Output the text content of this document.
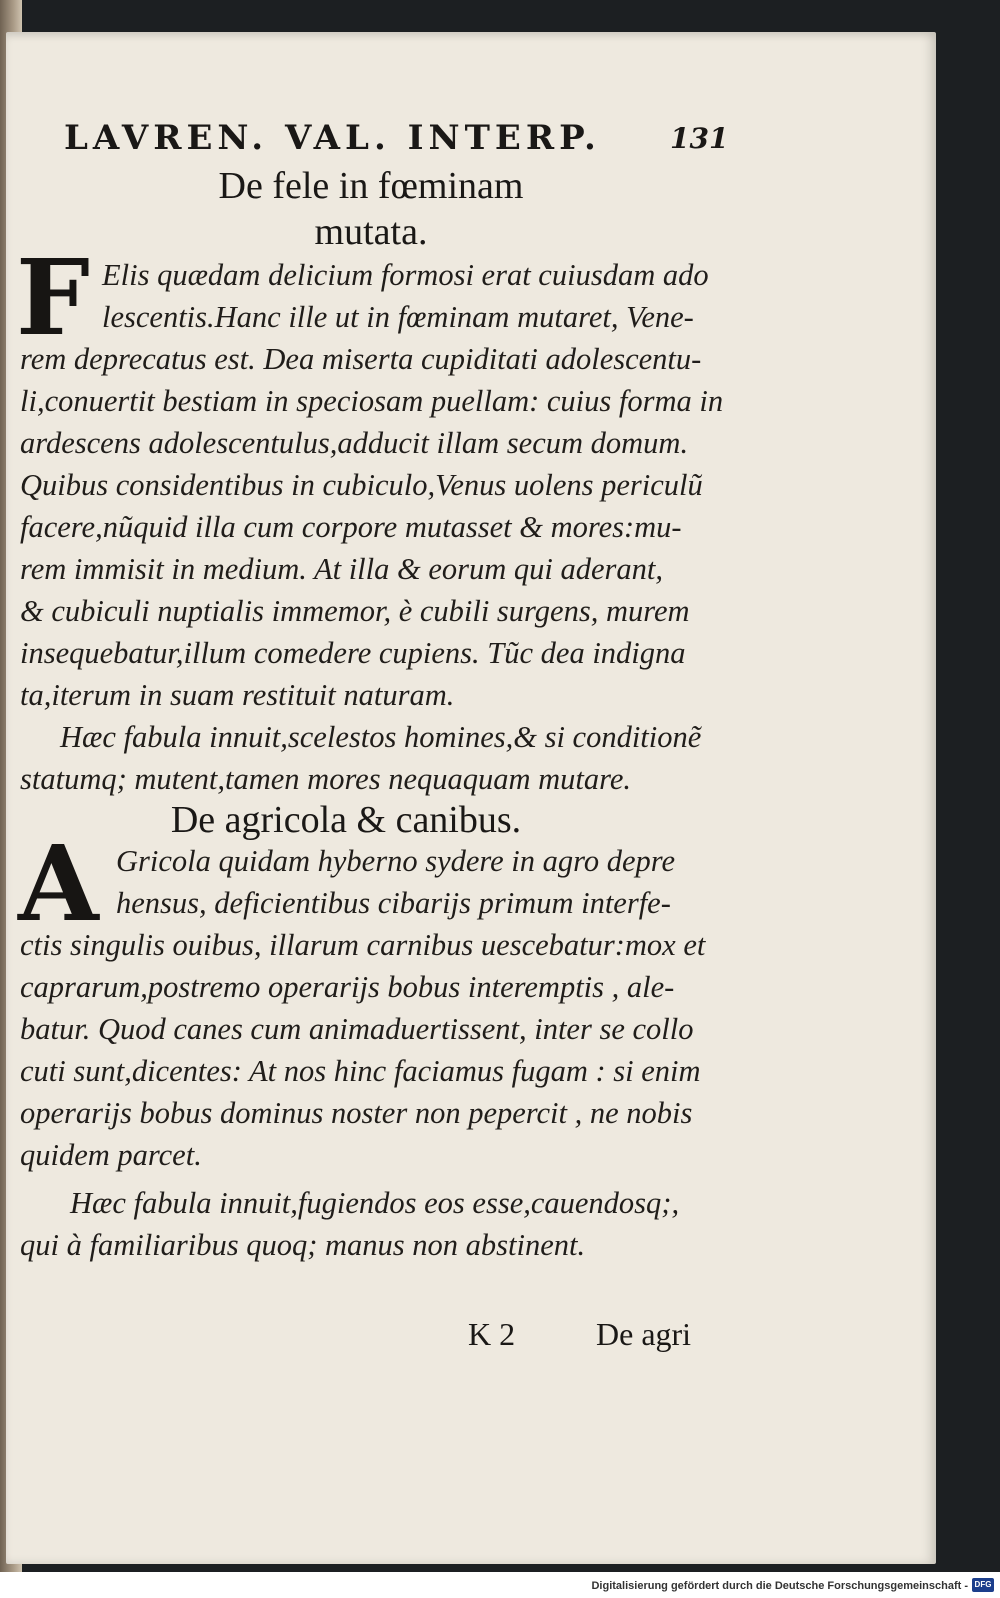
LAVREN. VAL. INTERP.	131
De fele in fœminam
mutata.
F Elis quædam delicium formosi erat cuiusdam ado
lescentis.Hanc ille ut in fœminam mutaret, Vene-
rem deprecatus est. Dea miserta cupiditati adolescentu-
li,conuertit bestiam in speciosam puellam: cuius forma in
ardescens adolescentulus,adducit illam secum domum.
Quibus considentibus in cubiculo,Venus uolens periculũ
facere,nũquid illa cum corpore mutasset & mores:mu-
rem immisit in medium. At illa & eorum qui aderant,
& cubiculi nuptialis immemor, è cubili surgens, murem
insequebatur,illum comedere cupiens. Tũc dea indigna
ta,iterum in suam restituit naturam.
Hæc fabula innuit,scelestos homines,& si conditionẽ
statumq; mutent,tamen mores nequaquam mutare.
De agricola & canibus.
A Gricola quidam hyberno sydere in agro depre
hensus, deficientibus cibarijs primum interfe-
ctis singulis ouibus, illarum carnibus uescebatur:mox et
caprarum,postremo operarijs bobus interemptis , ale-
batur. Quod canes cum animaduertissent, inter se collo
cuti sunt,dicentes: At nos hinc faciamus fugam : si enim
operarijs bobus dominus noster non pepercit , ne nobis
quidem parcet.
Hæc fabula innuit,fugiendos eos esse,cauendosq;,
qui à familiaribus quoq; manus non abstinent.
K 2	De agri
Digitalisierung gefördert durch die Deutsche Forschungsgemeinschaft - DFG
